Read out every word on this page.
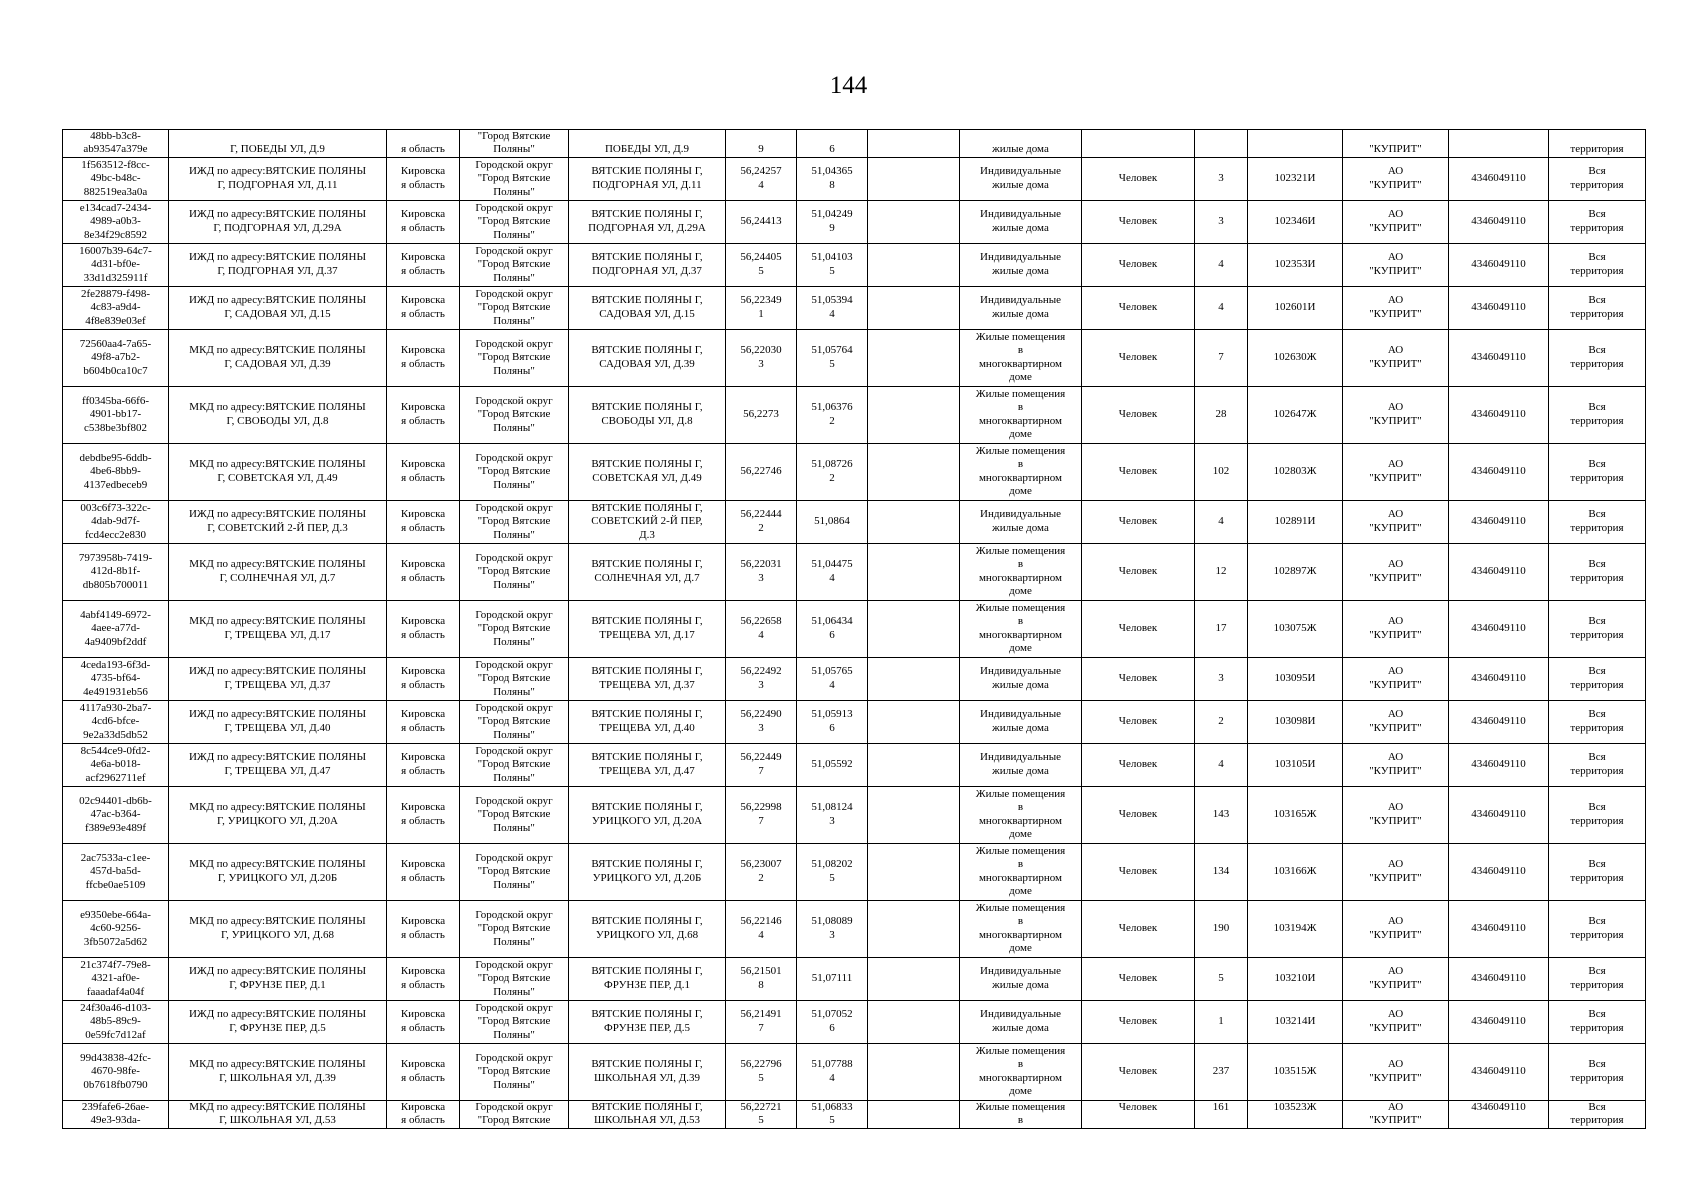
144
48bb-b3c8-
ab93547a379e	Г, ПОБЕДЫ УЛ, Д.9	я область	"Город Вятские
Поляны"	ПОБЕДЫ УЛ, Д.9	9	6		жилые дома				"КУПРИТ"		территория
1f563512-f8cc-
49bc-b48c-
882519ea3a0a	ИЖД по адресу:ВЯТСКИЕ ПОЛЯНЫ
Г, ПОДГОРНАЯ УЛ, Д.11	Кировска
я область	Городской округ
"Город Вятские
Поляны"	ВЯТСКИЕ ПОЛЯНЫ Г,
ПОДГОРНАЯ УЛ, Д.11	56,24257
4	51,04365
8		Индивидуальные
жилые дома	Человек	3	102321И	АО
"КУПРИТ"	4346049110	Вся
территория
e134cad7-2434-
4989-a0b3-
8e34f29c8592	ИЖД по адресу:ВЯТСКИЕ ПОЛЯНЫ
Г, ПОДГОРНАЯ УЛ, Д.29А	Кировска
я область	Городской округ
"Город Вятские
Поляны"	ВЯТСКИЕ ПОЛЯНЫ Г,
ПОДГОРНАЯ УЛ, Д.29А	56,24413	51,04249
9		Индивидуальные
жилые дома	Человек	3	102346И	АО
"КУПРИТ"	4346049110	Вся
территория
16007b39-64c7-
4d31-bf0e-
33d1d325911f	ИЖД по адресу:ВЯТСКИЕ ПОЛЯНЫ
Г, ПОДГОРНАЯ УЛ, Д.37	Кировска
я область	Городской округ
"Город Вятские
Поляны"	ВЯТСКИЕ ПОЛЯНЫ Г,
ПОДГОРНАЯ УЛ, Д.37	56,24405
5	51,04103
5		Индивидуальные
жилые дома	Человек	4	102353И	АО
"КУПРИТ"	4346049110	Вся
территория
2fe28879-f498-
4c83-a9d4-
4f8e839e03ef	ИЖД по адресу:ВЯТСКИЕ ПОЛЯНЫ
Г, САДОВАЯ УЛ, Д.15	Кировска
я область	Городской округ
"Город Вятские
Поляны"	ВЯТСКИЕ ПОЛЯНЫ Г,
САДОВАЯ УЛ, Д.15	56,22349
1	51,05394
4		Индивидуальные
жилые дома	Человек	4	102601И	АО
"КУПРИТ"	4346049110	Вся
территория
72560aa4-7a65-
49f8-a7b2-
b604b0ca10c7	МКД по адресу:ВЯТСКИЕ ПОЛЯНЫ
Г, САДОВАЯ УЛ, Д.39	Кировска
я область	Городской округ
"Город Вятские
Поляны"	ВЯТСКИЕ ПОЛЯНЫ Г,
САДОВАЯ УЛ, Д.39	56,22030
3	51,05764
5		Жилые помещения
в
многоквартирном
доме	Человек	7	102630Ж	АО
"КУПРИТ"	4346049110	Вся
территория
ff0345ba-66f6-
4901-bb17-
c538be3bf802	МКД по адресу:ВЯТСКИЕ ПОЛЯНЫ
Г, СВОБОДЫ УЛ, Д.8	Кировска
я область	Городской округ
"Город Вятские
Поляны"	ВЯТСКИЕ ПОЛЯНЫ Г,
СВОБОДЫ УЛ, Д.8	56,2273	51,06376
2		Жилые помещения
в
многоквартирном
доме	Человек	28	102647Ж	АО
"КУПРИТ"	4346049110	Вся
территория
debdbe95-6ddb-
4be6-8bb9-
4137edbeceb9	МКД по адресу:ВЯТСКИЕ ПОЛЯНЫ
Г, СОВЕТСКАЯ УЛ, Д.49	Кировска
я область	Городской округ
"Город Вятские
Поляны"	ВЯТСКИЕ ПОЛЯНЫ Г,
СОВЕТСКАЯ УЛ, Д.49	56,22746	51,08726
2		Жилые помещения
в
многоквартирном
доме	Человек	102	102803Ж	АО
"КУПРИТ"	4346049110	Вся
территория
003c6f73-322c-
4dab-9d7f-
fcd4ecc2e830	ИЖД по адресу:ВЯТСКИЕ ПОЛЯНЫ
Г, СОВЕТСКИЙ 2-Й ПЕР, Д.3	Кировска
я область	Городской округ
"Город Вятские
Поляны"	ВЯТСКИЕ ПОЛЯНЫ Г,
СОВЕТСКИЙ 2-Й ПЕР,
Д.3	56,22444
2	51,0864		Индивидуальные
жилые дома	Человек	4	102891И	АО
"КУПРИТ"	4346049110	Вся
территория
7973958b-7419-
412d-8b1f-
db805b700011	МКД по адресу:ВЯТСКИЕ ПОЛЯНЫ
Г, СОЛНЕЧНАЯ УЛ, Д.7	Кировска
я область	Городской округ
"Город Вятские
Поляны"	ВЯТСКИЕ ПОЛЯНЫ Г,
СОЛНЕЧНАЯ УЛ, Д.7	56,22031
3	51,04475
4		Жилые помещения
в
многоквартирном
доме	Человек	12	102897Ж	АО
"КУПРИТ"	4346049110	Вся
территория
4abf4149-6972-
4aee-a77d-
4a9409bf2ddf	МКД по адресу:ВЯТСКИЕ ПОЛЯНЫ
Г, ТРЕЩЕВА УЛ, Д.17	Кировска
я область	Городской округ
"Город Вятские
Поляны"	ВЯТСКИЕ ПОЛЯНЫ Г,
ТРЕЩЕВА УЛ, Д.17	56,22658
4	51,06434
6		Жилые помещения
в
многоквартирном
доме	Человек	17	103075Ж	АО
"КУПРИТ"	4346049110	Вся
территория
4ceda193-6f3d-
4735-bf64-
4e491931eb56	ИЖД по адресу:ВЯТСКИЕ ПОЛЯНЫ
Г, ТРЕЩЕВА УЛ, Д.37	Кировска
я область	Городской округ
"Город Вятские
Поляны"	ВЯТСКИЕ ПОЛЯНЫ Г,
ТРЕЩЕВА УЛ, Д.37	56,22492
3	51,05765
4		Индивидуальные
жилые дома	Человек	3	103095И	АО
"КУПРИТ"	4346049110	Вся
территория
4117a930-2ba7-
4cd6-bfce-
9e2a33d5db52	ИЖД по адресу:ВЯТСКИЕ ПОЛЯНЫ
Г, ТРЕЩЕВА УЛ, Д.40	Кировска
я область	Городской округ
"Город Вятские
Поляны"	ВЯТСКИЕ ПОЛЯНЫ Г,
ТРЕЩЕВА УЛ, Д.40	56,22490
3	51,05913
6		Индивидуальные
жилые дома	Человек	2	103098И	АО
"КУПРИТ"	4346049110	Вся
территория
8c544ce9-0fd2-
4e6a-b018-
acf2962711ef	ИЖД по адресу:ВЯТСКИЕ ПОЛЯНЫ
Г, ТРЕЩЕВА УЛ, Д.47	Кировска
я область	Городской округ
"Город Вятские
Поляны"	ВЯТСКИЕ ПОЛЯНЫ Г,
ТРЕЩЕВА УЛ, Д.47	56,22449
7	51,05592		Индивидуальные
жилые дома	Человек	4	103105И	АО
"КУПРИТ"	4346049110	Вся
территория
02c94401-db6b-
47ac-b364-
f389e93e489f	МКД по адресу:ВЯТСКИЕ ПОЛЯНЫ
Г, УРИЦКОГО УЛ, Д.20А	Кировска
я область	Городской округ
"Город Вятские
Поляны"	ВЯТСКИЕ ПОЛЯНЫ Г,
УРИЦКОГО УЛ, Д.20А	56,22998
7	51,08124
3		Жилые помещения
в
многоквартирном
доме	Человек	143	103165Ж	АО
"КУПРИТ"	4346049110	Вся
территория
2ac7533a-c1ee-
457d-ba5d-
ffcbe0ae5109	МКД по адресу:ВЯТСКИЕ ПОЛЯНЫ
Г, УРИЦКОГО УЛ, Д.20Б	Кировска
я область	Городской округ
"Город Вятские
Поляны"	ВЯТСКИЕ ПОЛЯНЫ Г,
УРИЦКОГО УЛ, Д.20Б	56,23007
2	51,08202
5		Жилые помещения
в
многоквартирном
доме	Человек	134	103166Ж	АО
"КУПРИТ"	4346049110	Вся
территория
e9350ebe-664a-
4c60-9256-
3fb5072a5d62	МКД по адресу:ВЯТСКИЕ ПОЛЯНЫ
Г, УРИЦКОГО УЛ, Д.68	Кировска
я область	Городской округ
"Город Вятские
Поляны"	ВЯТСКИЕ ПОЛЯНЫ Г,
УРИЦКОГО УЛ, Д.68	56,22146
4	51,08089
3		Жилые помещения
в
многоквартирном
доме	Человек	190	103194Ж	АО
"КУПРИТ"	4346049110	Вся
территория
21c374f7-79e8-
4321-af0e-
faaadaf4a04f	ИЖД по адресу:ВЯТСКИЕ ПОЛЯНЫ
Г, ФРУНЗЕ ПЕР, Д.1	Кировска
я область	Городской округ
"Город Вятские
Поляны"	ВЯТСКИЕ ПОЛЯНЫ Г,
ФРУНЗЕ ПЕР, Д.1	56,21501
8	51,07111		Индивидуальные
жилые дома	Человек	5	103210И	АО
"КУПРИТ"	4346049110	Вся
территория
24f30a46-d103-
48b5-89c9-
0e59fc7d12af	ИЖД по адресу:ВЯТСКИЕ ПОЛЯНЫ
Г, ФРУНЗЕ ПЕР, Д.5	Кировска
я область	Городской округ
"Город Вятские
Поляны"	ВЯТСКИЕ ПОЛЯНЫ Г,
ФРУНЗЕ ПЕР, Д.5	56,21491
7	51,07052
6		Индивидуальные
жилые дома	Человек	1	103214И	АО
"КУПРИТ"	4346049110	Вся
территория
99d43838-42fc-
4670-98fe-
0b7618fb0790	МКД по адресу:ВЯТСКИЕ ПОЛЯНЫ
Г, ШКОЛЬНАЯ УЛ, Д.39	Кировска
я область	Городской округ
"Город Вятские
Поляны"	ВЯТСКИЕ ПОЛЯНЫ Г,
ШКОЛЬНАЯ УЛ, Д.39	56,22796
5	51,07788
4		Жилые помещения
в
многоквартирном
доме	Человек	237	103515Ж	АО
"КУПРИТ"	4346049110	Вся
территория
239fafe6-26ae-
49e3-93da-	МКД по адресу:ВЯТСКИЕ ПОЛЯНЫ
Г, ШКОЛЬНАЯ УЛ, Д.53	Кировска
я область	Городской округ
"Город Вятские	ВЯТСКИЕ ПОЛЯНЫ Г,
ШКОЛЬНАЯ УЛ, Д.53	56,22721
5	51,06833
5		Жилые помещения
в	Человек	161	103523Ж	АО
"КУПРИТ"	4346049110	Вся
территория
